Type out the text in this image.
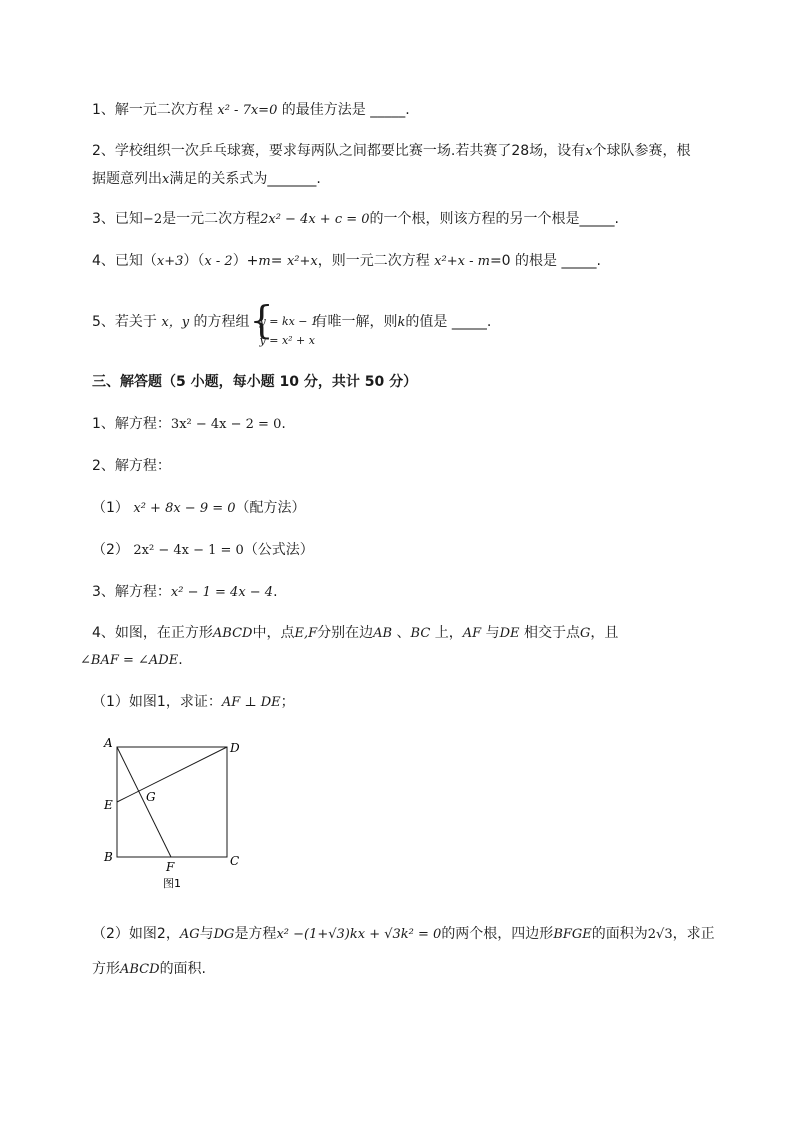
1、解一元二次方程 x² - 7x=0 的最佳方法是 _____.
2、学校组织一次乒乓球赛，要求每两队之间都要比赛一场.若共赛了28场，设有x个球队参赛，根
据题意列出x满足的关系式为_______.
3、已知−2是一元二次方程2x² − 4x + c = 0的一个根，则该方程的另一个根是_____.
4、已知（x+3）（x - 2）+m= x²+x，则一元二次方程 x²+x - m=0 的根是 _____.
5、若关于 x，y 的方程组 {
y = kx − 1
y = x² + x
有唯一解，则k的值是 _____.
三、解答题（5 小题，每小题 10 分，共计 50 分）
1、解方程：3x² − 4x − 2 = 0.
2、解方程：
（1） x² + 8x − 9 = 0（配方法）
（2） 2x² − 4x − 1 = 0（公式法）
3、解方程：x² − 1 = 4x − 4.
4、如图，在正方形ABCD中，点E,F分别在边AB 、BC 上，AF 与DE 相交于点G，且
∠BAF = ∠ADE.
（1）如图1，求证：AF ⊥ DE；
A	D
E
G
B	C
F
图1
（2）如图2，AG与DG是方程x² −(1+√3)kx + √3k² = 0的两个根，四边形BFGE的面积为2√3，求正
方形ABCD的面积.
